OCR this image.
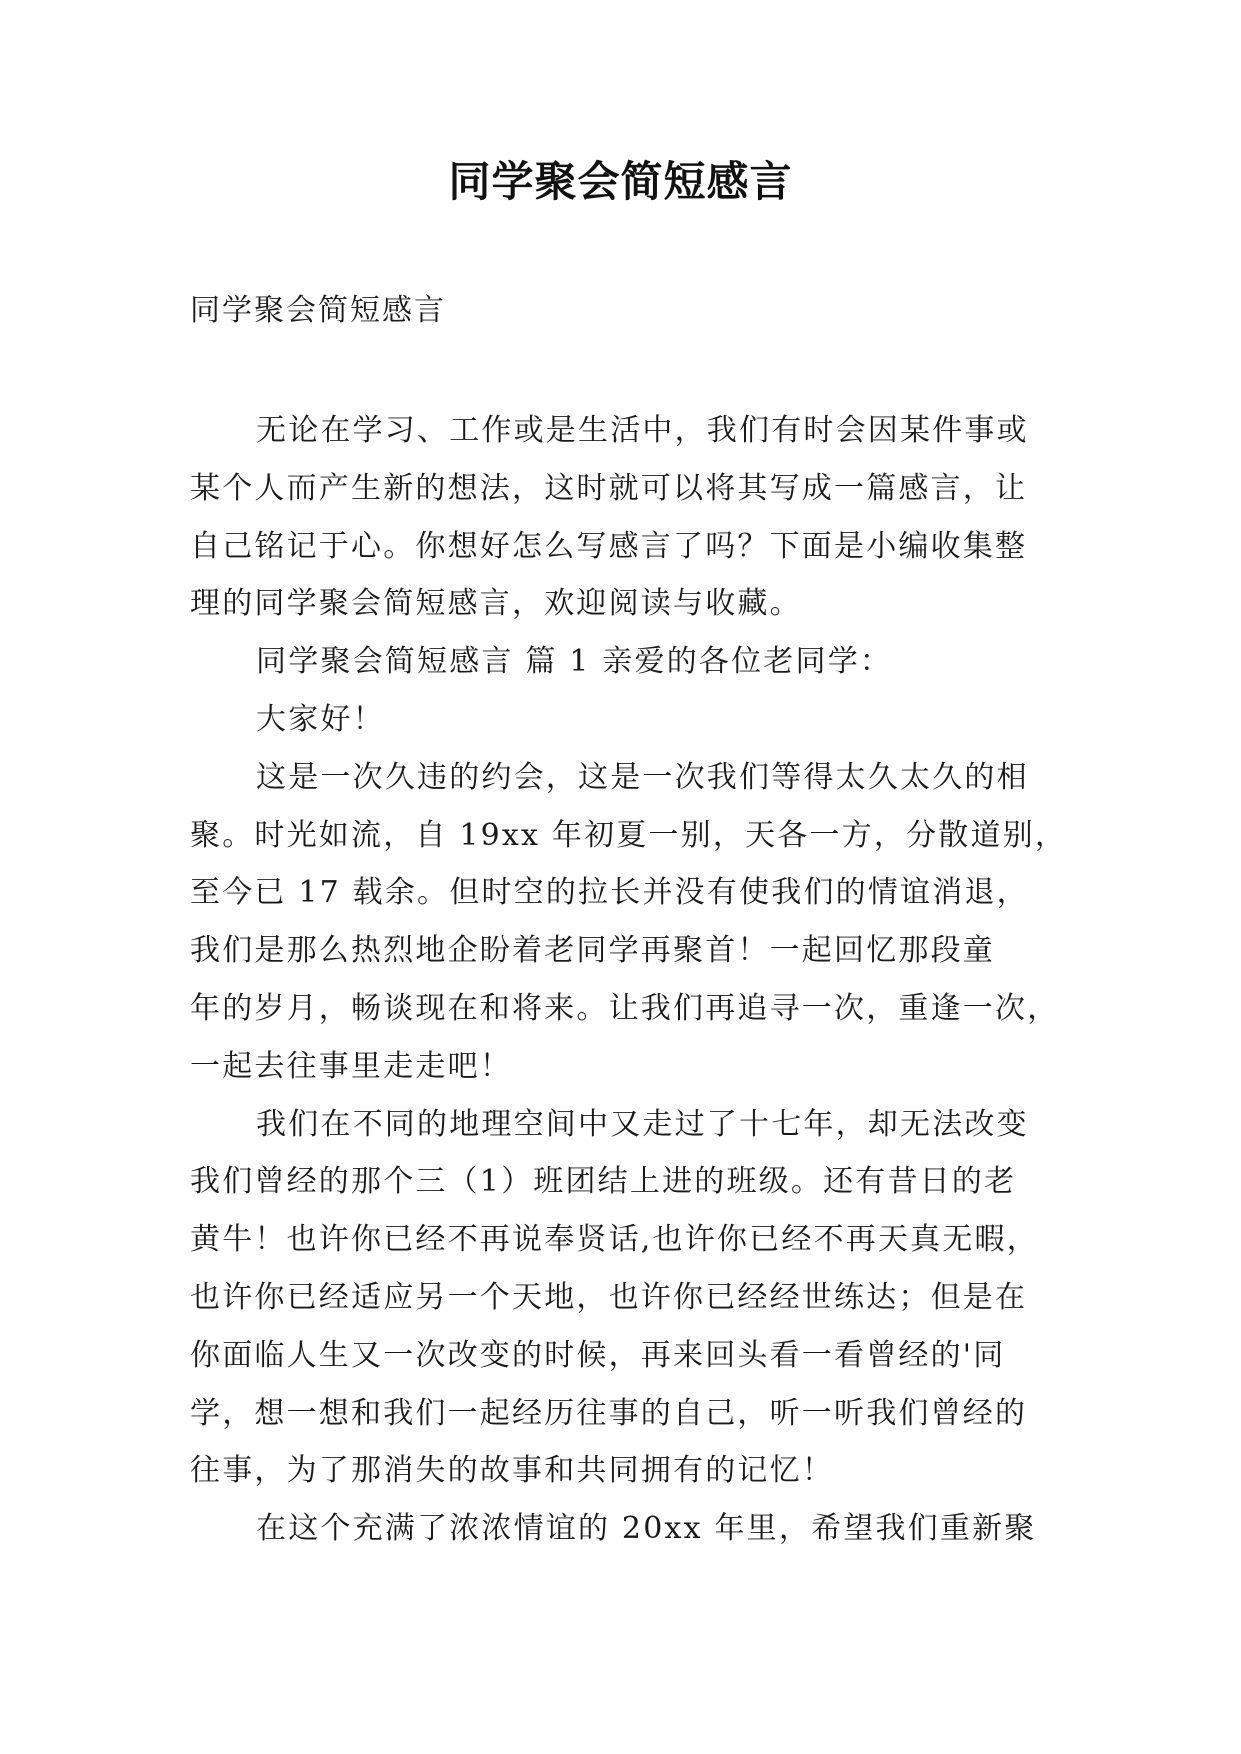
同学聚会简短感言
同学聚会简短感言
无论在学习、工作或是生活中，我们有时会因某件事或
某个人而产生新的想法，这时就可以将其写成一篇感言，让
自己铭记于心。你想好怎么写感言了吗？下面是小编收集整
理的同学聚会简短感言，欢迎阅读与收藏。
同学聚会简短感言 篇 1 亲爱的各位老同学：
大家好！
这是一次久违的约会，这是一次我们等得太久太久的相
聚。时光如流，自 19xx 年初夏一别，天各一方，分散道别，
至今已 17 载余。但时空的拉长并没有使我们的情谊消退，
我们是那么热烈地企盼着老同学再聚首！一起回忆那段童
年的岁月，畅谈现在和将来。让我们再追寻一次，重逢一次，
一起去往事里走走吧！
我们在不同的地理空间中又走过了十七年，却无法改变
我们曾经的那个三（1）班团结上进的班级。还有昔日的老
黄牛！也许你已经不再说奉贤话,也许你已经不再天真无暇，
也许你已经适应另一个天地，也许你已经经世练达；但是在
你面临人生又一次改变的时候，再来回头看一看曾经的'同
学，想一想和我们一起经历往事的自己，听一听我们曾经的
往事，为了那消失的故事和共同拥有的记忆！
在这个充满了浓浓情谊的 20xx 年里，希望我们重新聚
